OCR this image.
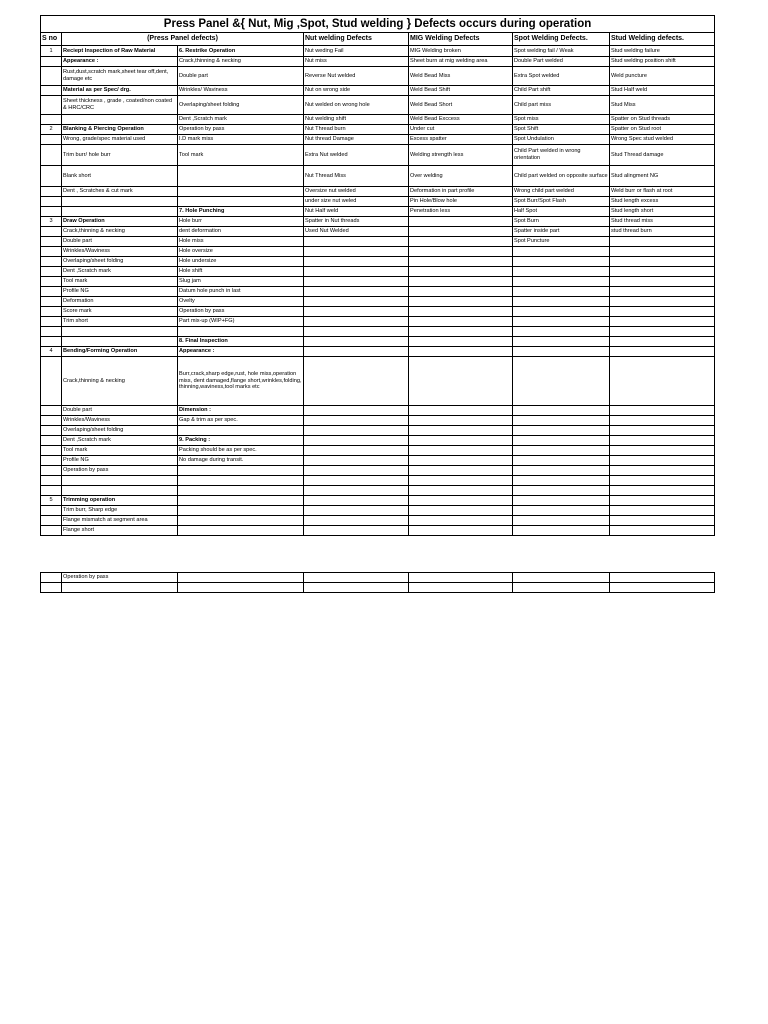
Press Panel &{ Nut, Mig ,Spot, Stud welding } Defects occurs during operation						
S no	(Press Panel defects)		Nut welding Defects	MIG Welding Defects	Spot Welding Defects.	Stud Welding defects.
1	Reciept Inspection of Raw Material	6. Restrike Operation	Nut weding Fail	MIG Welding broken	Spot welding fail / Weak	Stud welding failure
	Appearance :	Crack,thinning & necking	Nut miss	Sheet burn at mig welding area	Double Part welded	Stud welding position shift
	Rust,dust,scratch mark,sheet tear off,dent, damage etc	Double part	Reverse Nut welded	Weld Bead Miss	Extra Spot welded	Weld puncture
	Material as per Spec/ drg.	Wrinkles/ Waviness	Nut on wrong side	Weld Bead Shift	Child Part shift	Stud Half weld
	Sheet thickness , grade , coated/non coated & HRC/CRC	Overlaping/sheet folding	Nut welded on wrong hole	Weld Bead Short	Child part miss	Stud Miss
		Dent ,Scratch mark	Nut welding shift	Weld Bead Exccess	Spot miss	Spatter on Stud threads
2	Blanking & Piercing Operation	Operation by pass	Nut Thread burn	Under cut	Spot Shift	Spatter on Stud root
	Wrong, grade/spec material used	I.D mark miss	Nut thread Damage	Excess spatter	Spot Undulation	Wrong Spec stud welded
	Trim burr/ hole burr	Tool mark	Extra Nut welded	Welding strength less	Child Part welded in wrong orientation	Stud Thread damage
	Blank short		Nut Thread Miss	Over welding	Child part welded on opposite surface	Stud alingment NG
	Dent , Scratches & cut mark		Oversize nut welded	Deformation in part profile	Wrong child part welded	Weld burr or flash at root
			under size nut weled	Pin Hole/Blow hole	Spot Burr/Spot Flash	Stud length excess
		7. Hole Punching	Nut Half weld	Penetration less	Half Spot	Stud length short
3	Draw Operation	Hole burr	Spatter in Nut threads		Spot Burn	Stud thread miss
	Crack,thinning & necking	dent deformation	Used Nut Welded		Spatter inside part	stud thread burn
	Double part	Hole miss			Spot Puncture	
	Wrinkles/Waviness	Hole oversize				
	Overlaping/sheet folding	Hole undersize				
	Dent ,Scratch mark	Hole shift				
	Tool mark	Slug jam				
	Profile NG	Datum hole punch in last				
	Deformation	Ovelty				
	Score mark	Operation by pass				
	Trim short	Part mix-up (WIP+FG)				

		8. Final Inspection				
4	Bending/Forming Operation	Appearance :				
	Crack,thinning & necking	Burr,crack,sharp edge,rust, hole miss,operation miss, dent damaged,flange short,wrinkles,folding, thinning,waviness,tool marks etc				
	Double part	Dimension :				
	Wrinkles/Waviness	Gap & trim as per spec.				
	Overlaping/sheet folding					
	Dent ,Scratch mark	9. Packing :				
	Tool mark	Packing should be as per spec.				
	Profile NG	No damage during transit.				
	Operation by pass					

5	Trimming operation					
	Trim burr, Sharp edge					
	Flange mismatch at segment area					
	Flange short					

	Operation by pass					
